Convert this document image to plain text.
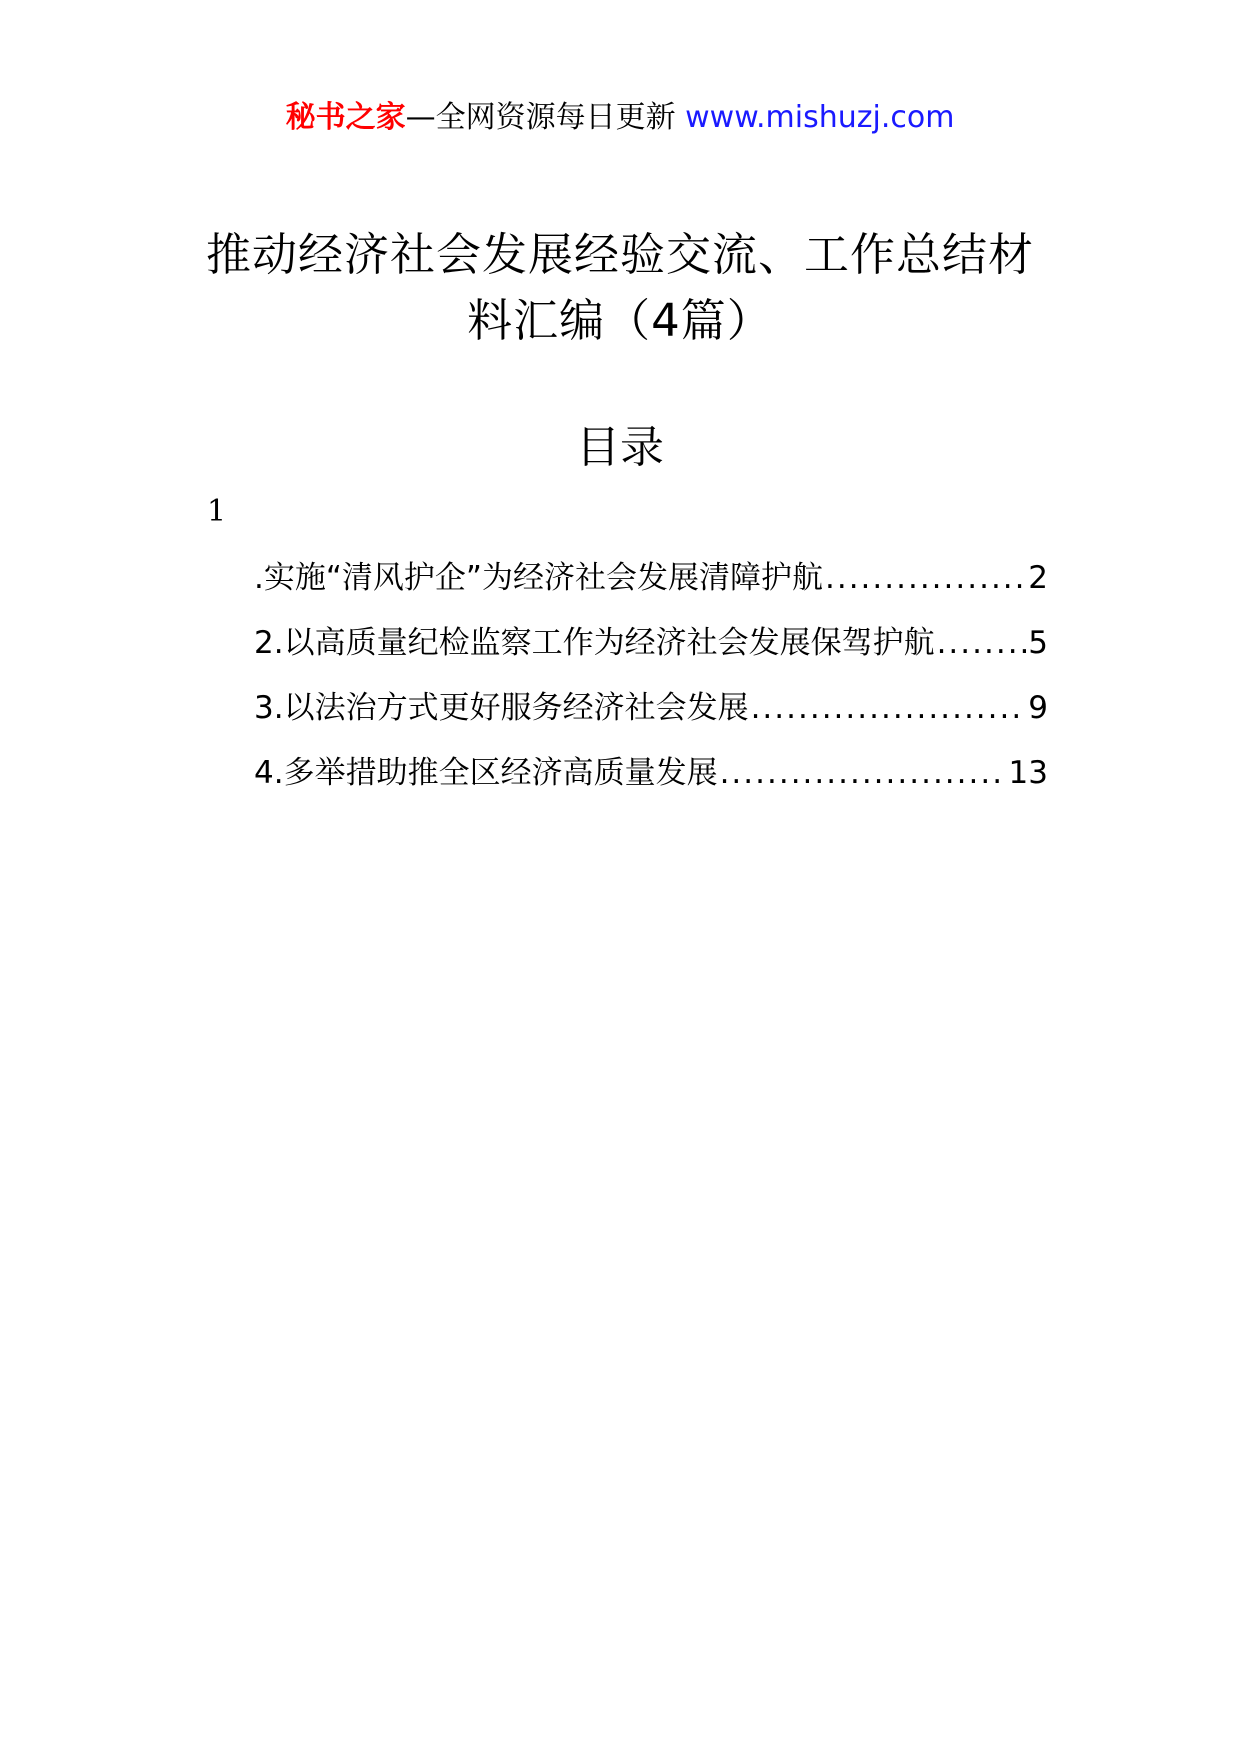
秘书之家—全网资源每日更新 www.mishuzj.com
推动经济社会发展经验交流、工作总结材
料汇编（4篇）
目录
1
.实施“清风护企”为经济社会发展清障护航 .....	2
2.以高质量纪检监察工作为经济社会发展保驾护航 .....	5
3.以法治方式更好服务经济社会发展 .....	9
4.多举措助推全区经济高质量发展 .....	13
